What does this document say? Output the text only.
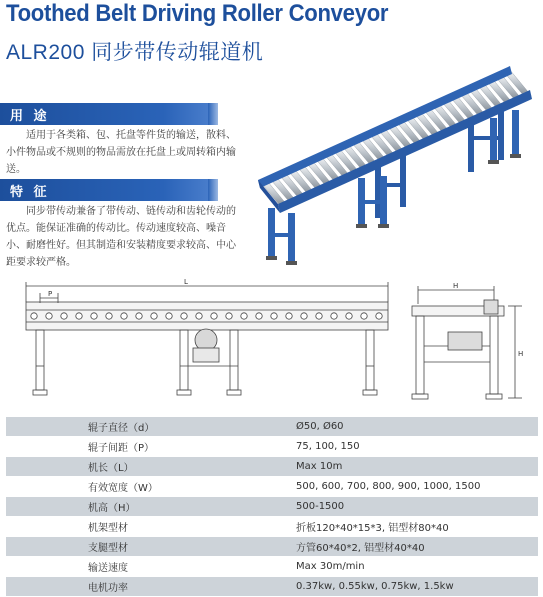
Toothed Belt Driving Roller Conveyor
ALR200 同步带传动辊道机
用 途

适用于各类箱、包、托盘等件货的输送，散料、小件物品或不规则的物品需放在托盘上或周转箱内输送。

特 征

同步带传动兼备了带传动、链传动和齿轮传动的优点。能保证准确的传动比。传动速度较高、噪音小、耐磨性好。但其制造和安装精度要求较高、中心距要求较严格。

P
L	H
H
辊子直径（d）	Ø50, Ø60
辊子间距（P）	75, 100, 150
机长（L）	Max 10m
有效宽度（W）	500, 600, 700, 800, 900, 1000, 1500
机高（H）	500-1500
机架型材	折板120*40*15*3, 铝型材80*40
支腿型材	方管60*40*2, 铝型材40*40
输送速度	Max 30m/min
电机功率	0.37kw, 0.55kw, 0.75kw, 1.5kw
